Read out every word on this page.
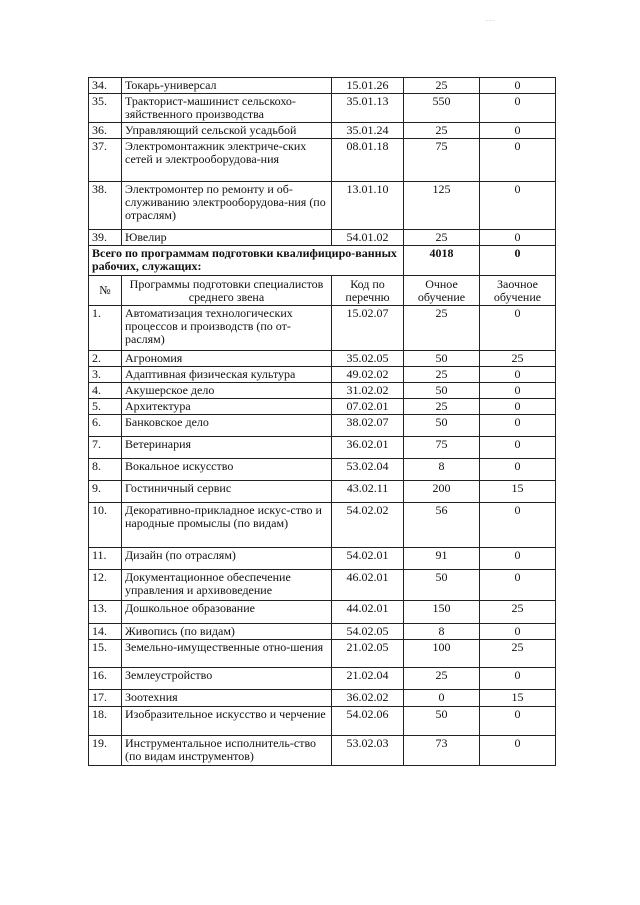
...
34.	Токарь-универсал	15.01.26	25	0
35.	Тракторист-машинист сельскохо-зяйственного производства	35.01.13	550	0
36.	Управляющий сельской усадьбой	35.01.24	25	0
37.	Электромонтажник электриче-ских сетей и электрооборудова-ния	08.01.18	75	0
38.	Электромонтер по ремонту и об-служиванию электрооборудова-ния (по отраслям)	13.01.10	125	0
39.	Ювелир	54.01.02	25	0
Всего по программам подготовки квалифициро-ванных рабочих, служащих:			4018	0
№	Программы подготовки специалистов среднего звена	Код по перечню	Очное обучение	Заочное обучение
1.	Автоматизация технологических процессов и производств (по от-раслям)	15.02.07	25	0
2.	Агрономия	35.02.05	50	25
3.	Адаптивная физическая культура	49.02.02	25	0
4.	Акушерское дело	31.02.02	50	0
5.	Архитектура	07.02.01	25	0
6.	Банковское дело	38.02.07	50	0
7.	Ветеринария	36.02.01	75	0
8.	Вокальное искусство	53.02.04	8	0
9.	Гостиничный сервис	43.02.11	200	15
10.	Декоративно-прикладное искус-ство и народные промыслы (по видам)	54.02.02	56	0
11.	Дизайн (по отраслям)	54.02.01	91	0
12.	Документационное обеспечение управления и архивоведение	46.02.01	50	0
13.	Дошкольное образование	44.02.01	150	25
14.	Живопись (по видам)	54.02.05	8	0
15.	Земельно-имущественные отно-шения	21.02.05	100	25
16.	Землеустройство	21.02.04	25	0
17.	Зоотехния	36.02.02	0	15
18.	Изобразительное искусство и черчение	54.02.06	50	0
19.	Инструментальное исполнитель-ство (по видам инструментов)	53.02.03	73	0
